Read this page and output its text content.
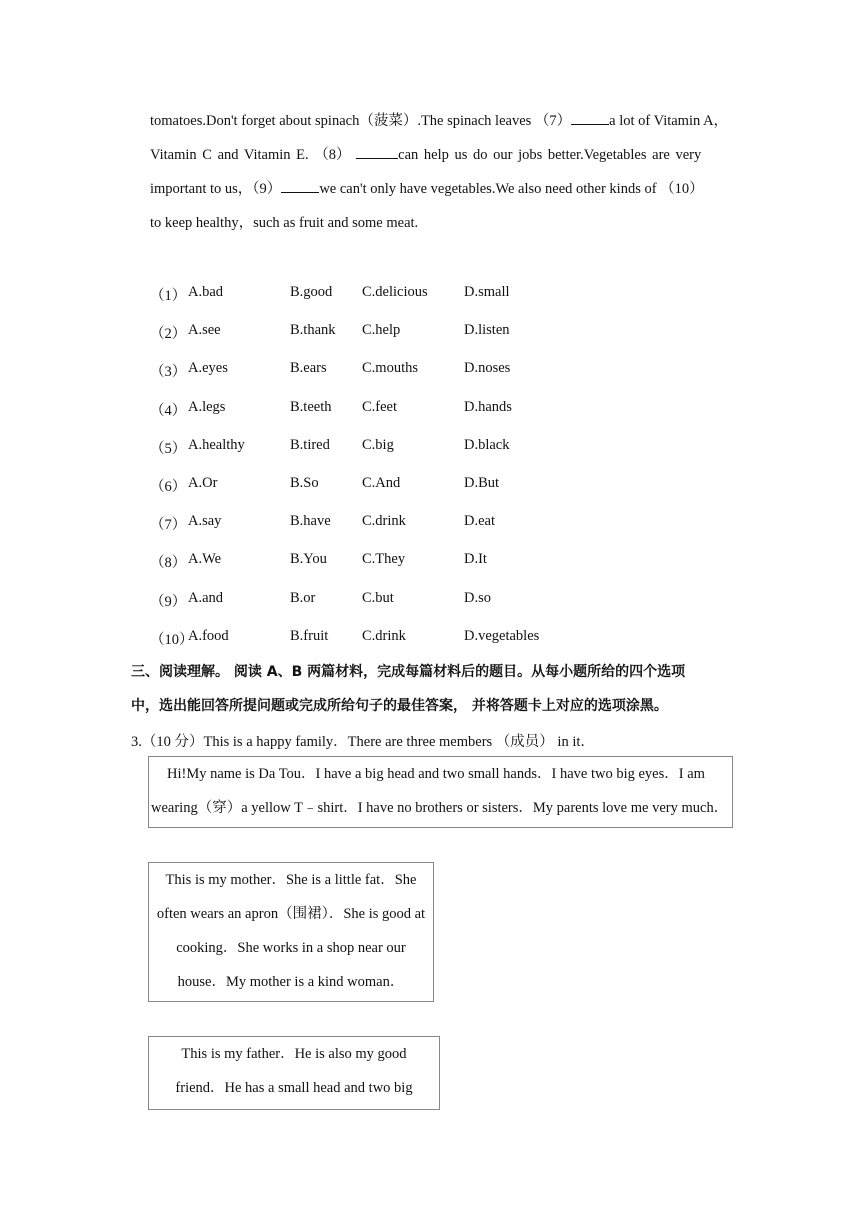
tomatoes.Don't forget about spinach（菠菜）.The spinach leaves （7）	a lot of Vitamin A，
Vitamin C and Vitamin E. （8）	can help us do our jobs better.Vegetables are very
important to us，（9）	we can't only have vegetables.We also need other kinds of （10）
to keep healthy，such as fruit and some meat.
（1） A.bad	B.good C.delicious	D.small
（2） A.see	B.thank C.help	D.listen
（3） A.eyes	B.ears C.mouths	D.noses
（4） A.legs	B.teeth C.feet	D.hands
（5） A.healthy	B.tired C.big	D.black
（6） A.Or	B.So	C.And	D.But
（7） A.say	B.have C.drink	D.eat
（8） A.We	B.You C.They	D.It
（9） A.and	B.or	C.but	D.so
（10）
A.food	B.fruit C.drink	D.vegetables
三、阅读理解。 阅读 A、B 两篇材料，完成每篇材料后的题目。从每小题所给的四个选项
中，选出能回答所提问题或完成所给句子的最佳答案， 并将答题卡上对应的选项涂黑。
3.（10 分）This is a happy family．There are three members （成员） in it．

Hi!My name is Da Tou．I have a big head and two small hands．I have two big eyes．I am

wearing（穿）a yellow T﹣shirt．I have no brothers or sisters．My parents love me very much．

This is my mother．She is a little fat．She

often wears an apron（围裙）．She is good at

cooking．She works in a shop near our

house．My mother is a kind woman．

This is my father．He is also my good

friend．He has a small head and two big
